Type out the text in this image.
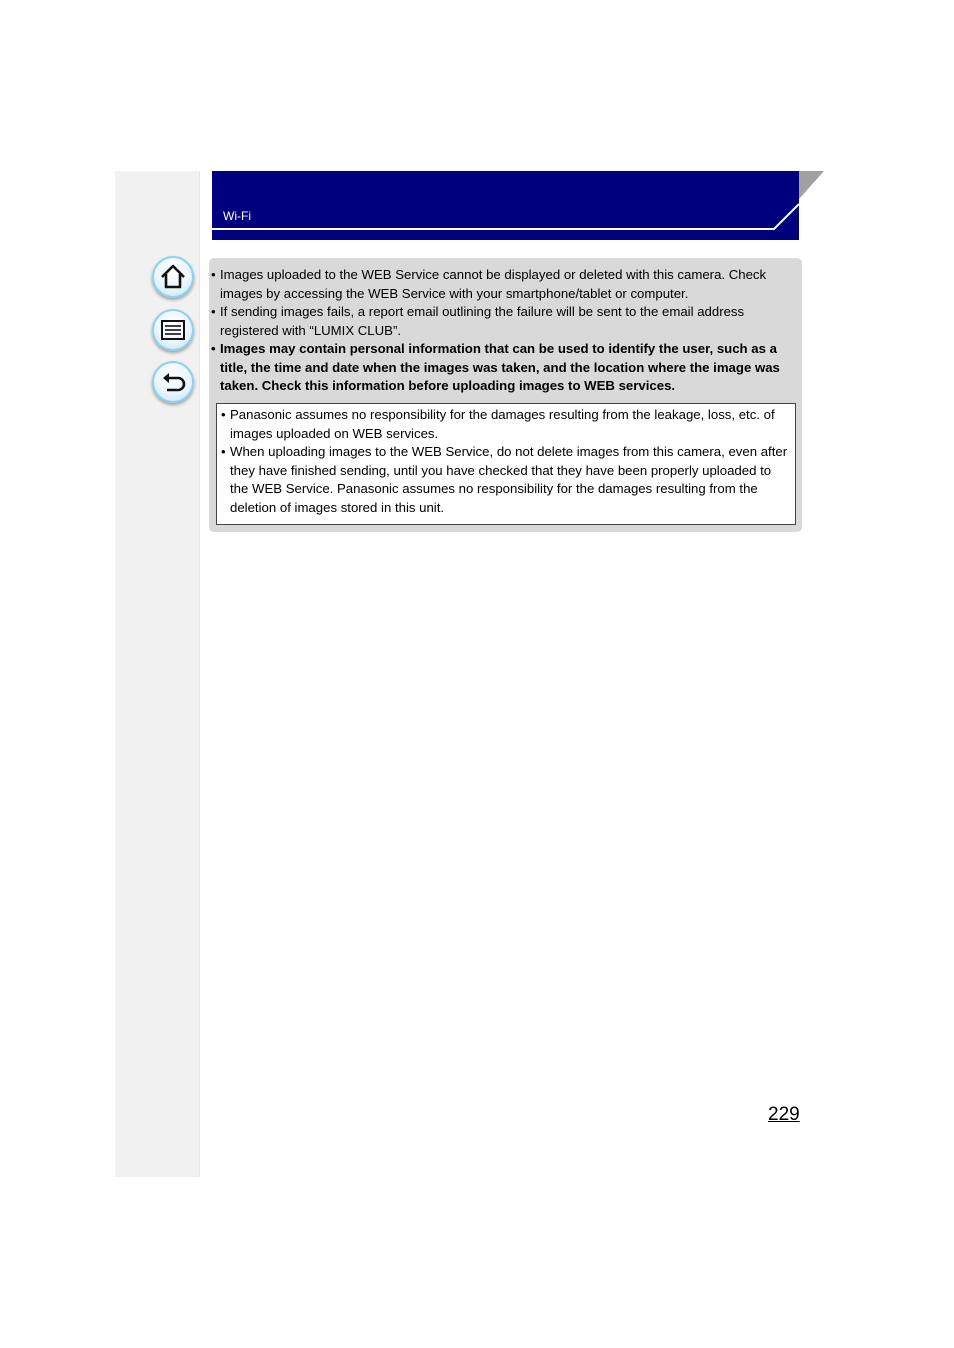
Wi-Fi

• Images uploaded to the WEB Service cannot be displayed or deleted with this camera. Check images by accessing the WEB Service with your smartphone/tablet or computer.

• If sending images fails, a report email outlining the failure will be sent to the email address registered with “LUMIX CLUB”.

• Images may contain personal information that can be used to identify the user, such as a title, the time and date when the images was taken, and the location where the image was taken. Check this information before uploading images to WEB services.

• Panasonic assumes no responsibility for the damages resulting from the leakage, loss, etc. of images uploaded on WEB services.

• When uploading images to the WEB Service, do not delete images from this camera, even after they have finished sending, until you have checked that they have been properly uploaded to the WEB Service. Panasonic assumes no responsibility for the damages resulting from the deletion of images stored in this unit.

229
